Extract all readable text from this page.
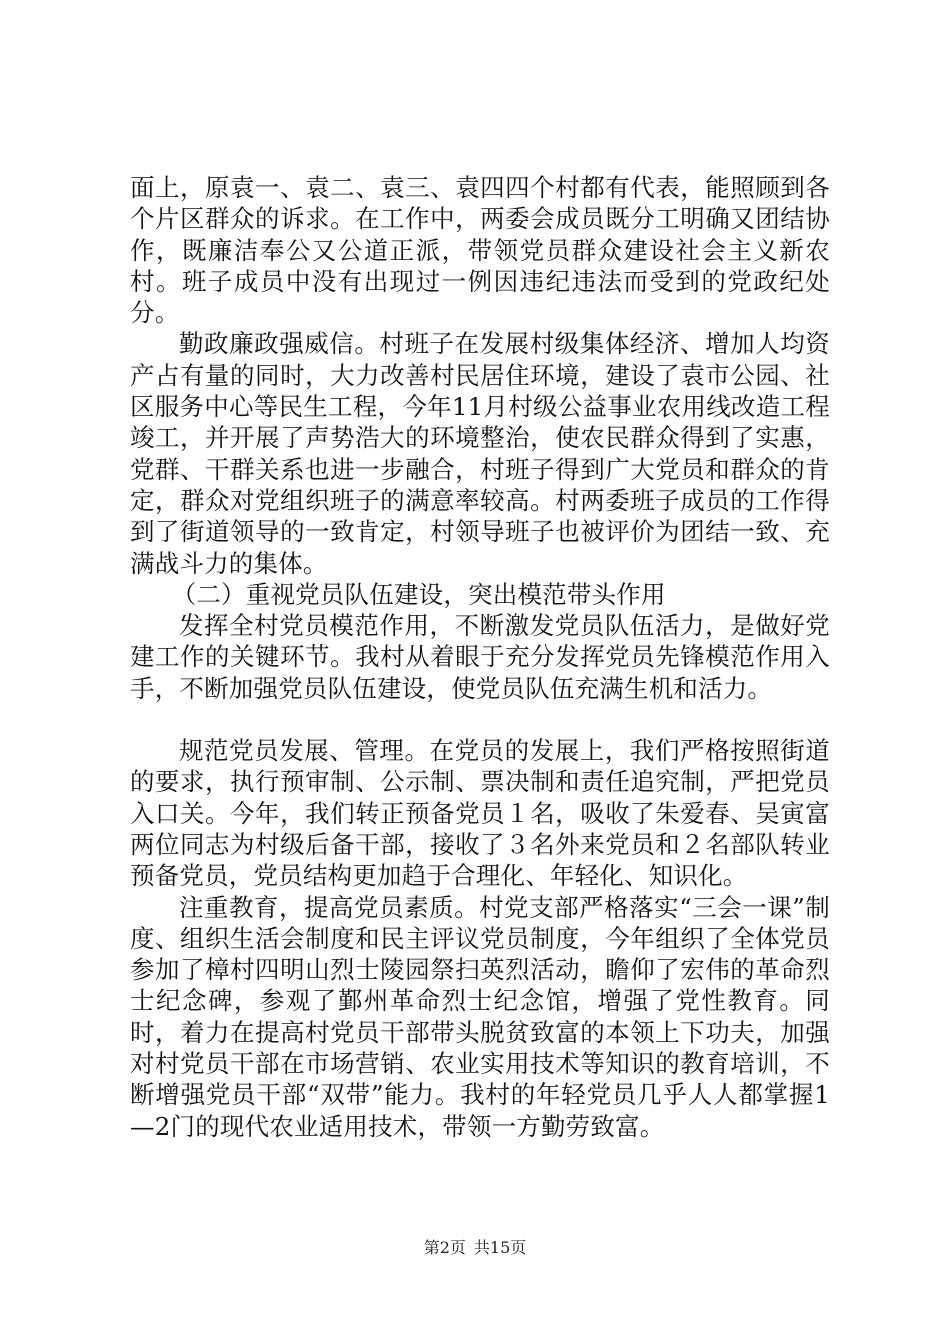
面上，原袁一、袁二、袁三、袁四四个村都有代表，能照顾到各个片区群众的诉求。在工作中，两委会成员既分工明确又团结协作，既廉洁奉公又公道正派，带领党员群众建设社会主义新农村。班子成员中没有出现过一例因违纪违法而受到的党政纪处分。

勤政廉政强威信。村班子在发展村级集体经济、增加人均资产占有量的同时，大力改善村民居住环境，建设了袁市公园、社区服务中心等民生工程，今年11月村级公益事业农用线改造工程竣工，并开展了声势浩大的环境整治，使农民群众得到了实惠，党群、干群关系也进一步融合，村班子得到广大党员和群众的肯定，群众对党组织班子的满意率较高。村两委班子成员的工作得到了街道领导的一致肯定，村领导班子也被评价为团结一致、充满战斗力的集体。

（二）重视党员队伍建设，突出模范带头作用

发挥全村党员模范作用，不断激发党员队伍活力，是做好党建工作的关键环节。我村从着眼于充分发挥党员先锋模范作用入手，不断加强党员队伍建设，使党员队伍充满生机和活力。

规范党员发展、管理。在党员的发展上，我们严格按照街道的要求，执行预审制、公示制、票决制和责任追究制，严把党员入口关。今年，我们转正预备党员１名，吸收了朱爱春、吴寅富两位同志为村级后备干部，接收了３名外来党员和２名部队转业预备党员，党员结构更加趋于合理化、年轻化、知识化。

注重教育，提高党员素质。村党支部严格落实“三会一课”制度、组织生活会制度和民主评议党员制度，今年组织了全体党员参加了樟村四明山烈士陵园祭扫英烈活动，瞻仰了宏伟的革命烈士纪念碑，参观了鄞州革命烈士纪念馆，增强了党性教育。同时，着力在提高村党员干部带头脱贫致富的本领上下功夫，加强对村党员干部在市场营销、农业实用技术等知识的教育培训，不断增强党员干部“双带”能力。我村的年轻党员几乎人人都掌握1—2门的现代农业适用技术，带领一方勤劳致富。

第2页 共15页
